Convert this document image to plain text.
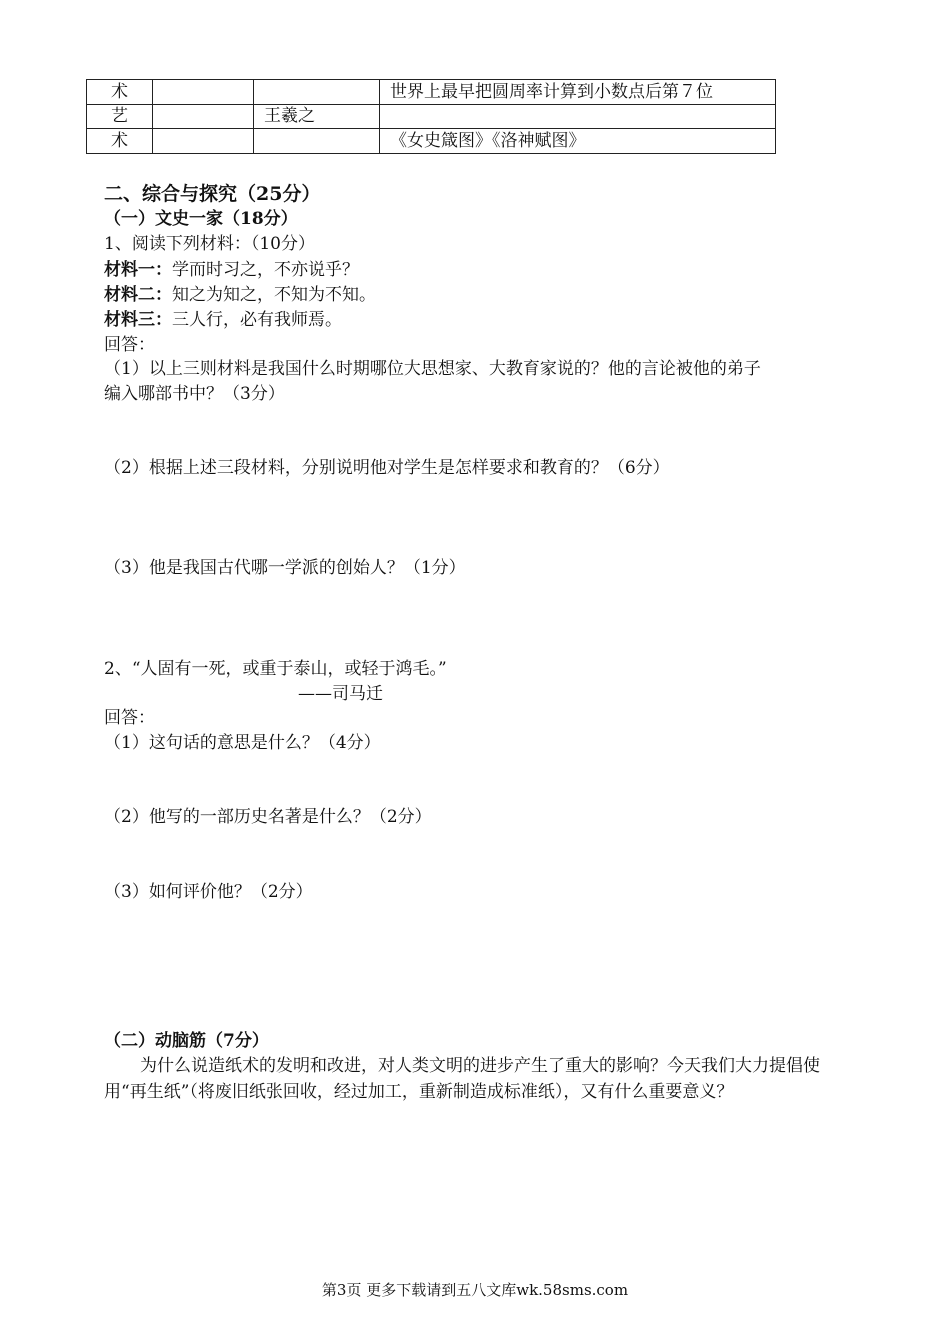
术			世界上最早把圆周率计算到小数点后第７位
艺		王羲之	
术			《女史箴图》《洛神赋图》

二、综合与探究（25分）

（一）文史一家（18分）

1、阅读下列材料：（10分）

材料一：学而时习之，不亦说乎？

材料二：知之为知之，不知为不知。

材料三：三人行，必有我师焉。

回答：

（1）以上三则材料是我国什么时期哪位大思想家、大教育家说的？他的言论被他的弟子

编入哪部书中？（3分）

（2）根据上述三段材料，分别说明他对学生是怎样要求和教育的？（6分）

（3）他是我国古代哪一学派的创始人？（1分）

2、“人固有一死，或重于泰山，或轻于鸿毛。”

——司马迁

回答：

（1）这句话的意思是什么？（4分）

（2）他写的一部历史名著是什么？（2分）

（3）如何评价他？（2分）

（二）动脑筋（7分）

为什么说造纸术的发明和改进，对人类文明的进步产生了重大的影响？今天我们大力提倡使用“再生纸”（将废旧纸张回收，经过加工，重新制造成标准纸），又有什么重要意义？

第3页 更多下载请到五八文库wk.58sms.com
